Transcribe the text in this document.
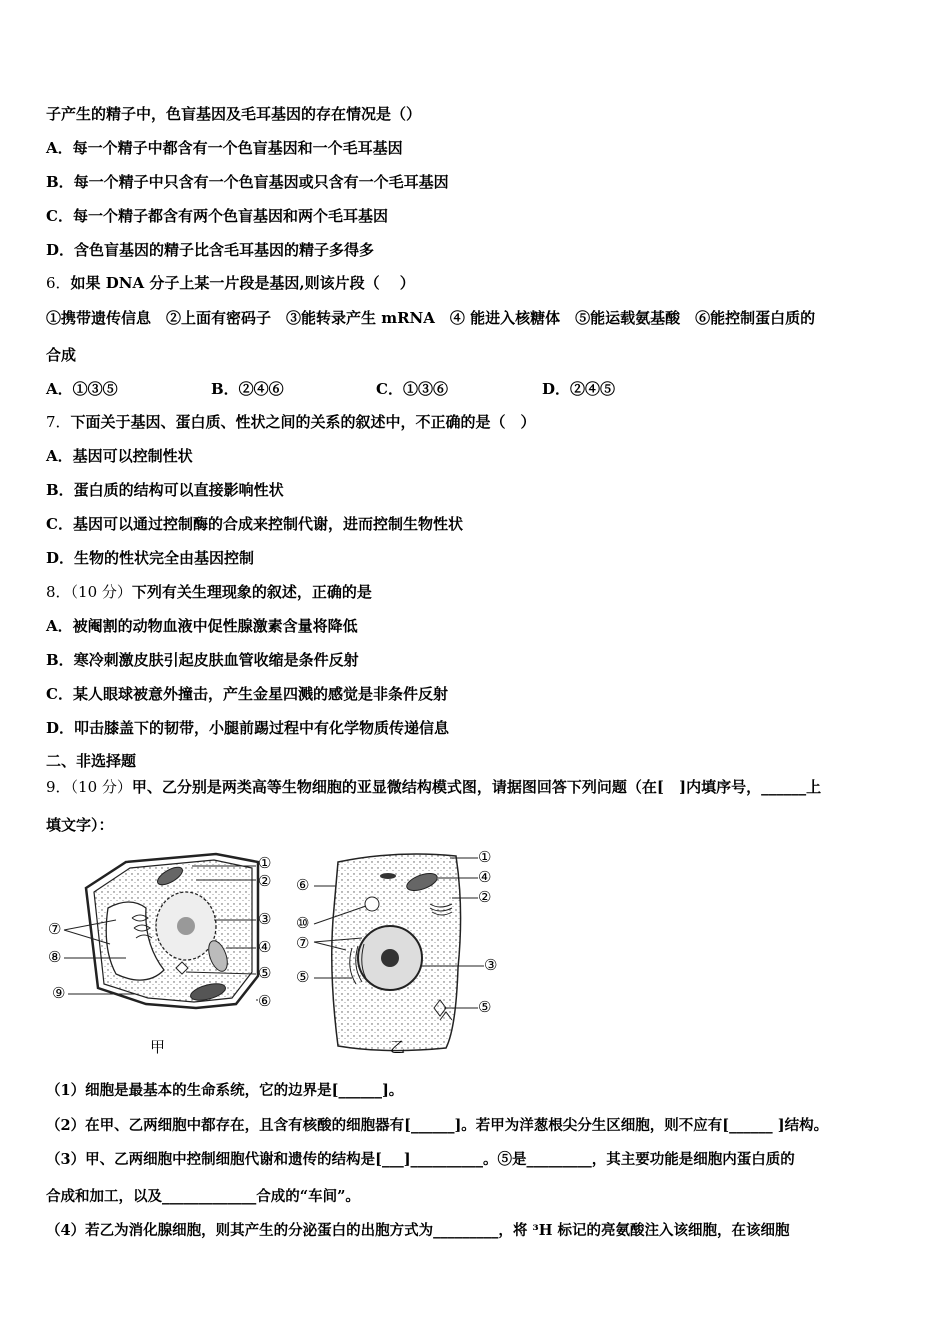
子产生的精子中，色盲基因及毛耳基因的存在情况是（）
A．每一个精子中都含有一个色盲基因和一个毛耳基因
B．每一个精子中只含有一个色盲基因或只含有一个毛耳基因
C．每一个精子都含有两个色盲基因和两个毛耳基因
D．含色盲基因的精子比含毛耳基因的精子多得多
6．如果 DNA 分子上某一片段是基因,则该片段（　 ）
①携带遗传信息　②上面有密码子　③能转录产生 mRNA　④ 能进入核糖体　⑤能运载氨基酸　⑥能控制蛋白质的
合成
A．①③⑤	B．②④⑥	C．①③⑥	D．②④⑤
7．下面关于基因、蛋白质、性状之间的关系的叙述中，不正确的是（　）
A．基因可以控制性状
B．蛋白质的结构可以直接影响性状
C．基因可以通过控制酶的合成来控制代谢，进而控制生物性状
D．生物的性状完全由基因控制
8．（10 分）下列有关生理现象的叙述，正确的是
A．被阉割的动物血液中促性腺激素含量将降低
B．寒冷刺激皮肤引起皮肤血管收缩是条件反射
C．某人眼球被意外撞击，产生金星四溅的感觉是非条件反射
D．叩击膝盖下的韧带，小腿前踢过程中有化学物质传递信息
二、非选择题
9．（10 分）甲、乙分别是两类高等生物细胞的亚显微结构模式图，请据图回答下列问题（在[　]内填序号，______上
填文字）：
①
②
③
④
⑤
⑥
⑦
⑧
⑨
甲
①
④
②
⑥
⑩
⑦
⑤
③
⑤
乙
（1）细胞是最基本的生命系统，它的边界是[______]。
（2）在甲、乙两细胞中都存在，且含有核酸的细胞器有[______]。若甲为洋葱根尖分生区细胞，则不应有[______ ]结构。
（3）甲、乙两细胞中控制细胞代谢和遗传的结构是[___]__________。⑤是_________，其主要功能是细胞内蛋白质的
合成和加工，以及_____________合成的“车间”。
（4）若乙为消化腺细胞，则其产生的分泌蛋白的出胞方式为_________，将 ³H 标记的亮氨酸注入该细胞，在该细胞
